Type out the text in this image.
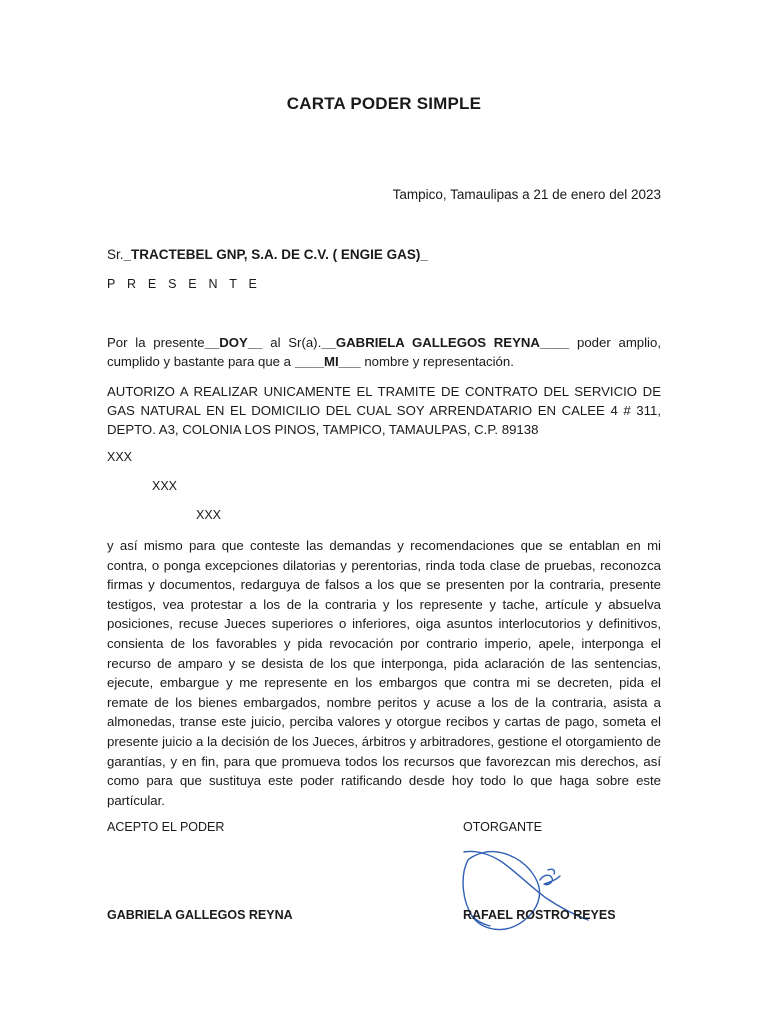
CARTA PODER SIMPLE
Tampico, Tamaulipas a 21 de enero del 2023
Sr._TRACTEBEL GNP, S.A. DE C.V. ( ENGIE GAS)_
P R E S E N T E
Por la presente__DOY__ al Sr(a).__GABRIELA GALLEGOS REYNA____ poder amplio, cumplido y bastante para que a ____MI___ nombre y representación.
AUTORIZO A REALIZAR UNICAMENTE EL TRAMITE DE CONTRATO DEL SERVICIO DE GAS NATURAL EN EL DOMICILIO DEL CUAL SOY ARRENDATARIO EN CALEE 4 # 311, DEPTO. A3, COLONIA LOS PINOS, TAMPICO, TAMAULPAS, C.P. 89138
XXX
XXX
XXX
y así mismo para que conteste las demandas y recomendaciones que se entablan en mi contra, o ponga excepciones dilatorias y perentorias, rinda toda clase de pruebas, reconozca firmas y documentos, redarguya de falsos a los que se presenten por la contraria, presente testigos, vea protestar a los de la contraria y los represente y tache, artícule y absuelva posiciones, recuse Jueces superiores o inferiores, oiga asuntos interlocutorios y definitivos, consienta de los favorables y pida revocación por contrario imperio, apele, interponga el recurso de amparo y se desista de los que interponga, pida aclaración de las sentencias, ejecute, embargue y me represente en los embargos que contra mi se decreten, pida el remate de los bienes embargados, nombre peritos y acuse a los de la contraria, asista a almonedas, transe este juicio, perciba valores y otorgue recibos y cartas de pago, someta el presente juicio a la decisión de los Jueces, árbitros y arbitradores, gestione el otorgamiento de garantías, y en fin, para que promueva todos los recursos que favorezcan mis derechos, así como para que sustituya este poder ratificando desde hoy todo lo que haga sobre este partícular.
ACEPTO EL PODER	OTORGANTE
GABRIELA GALLEGOS REYNA	RAFAEL ROSTRO REYES
